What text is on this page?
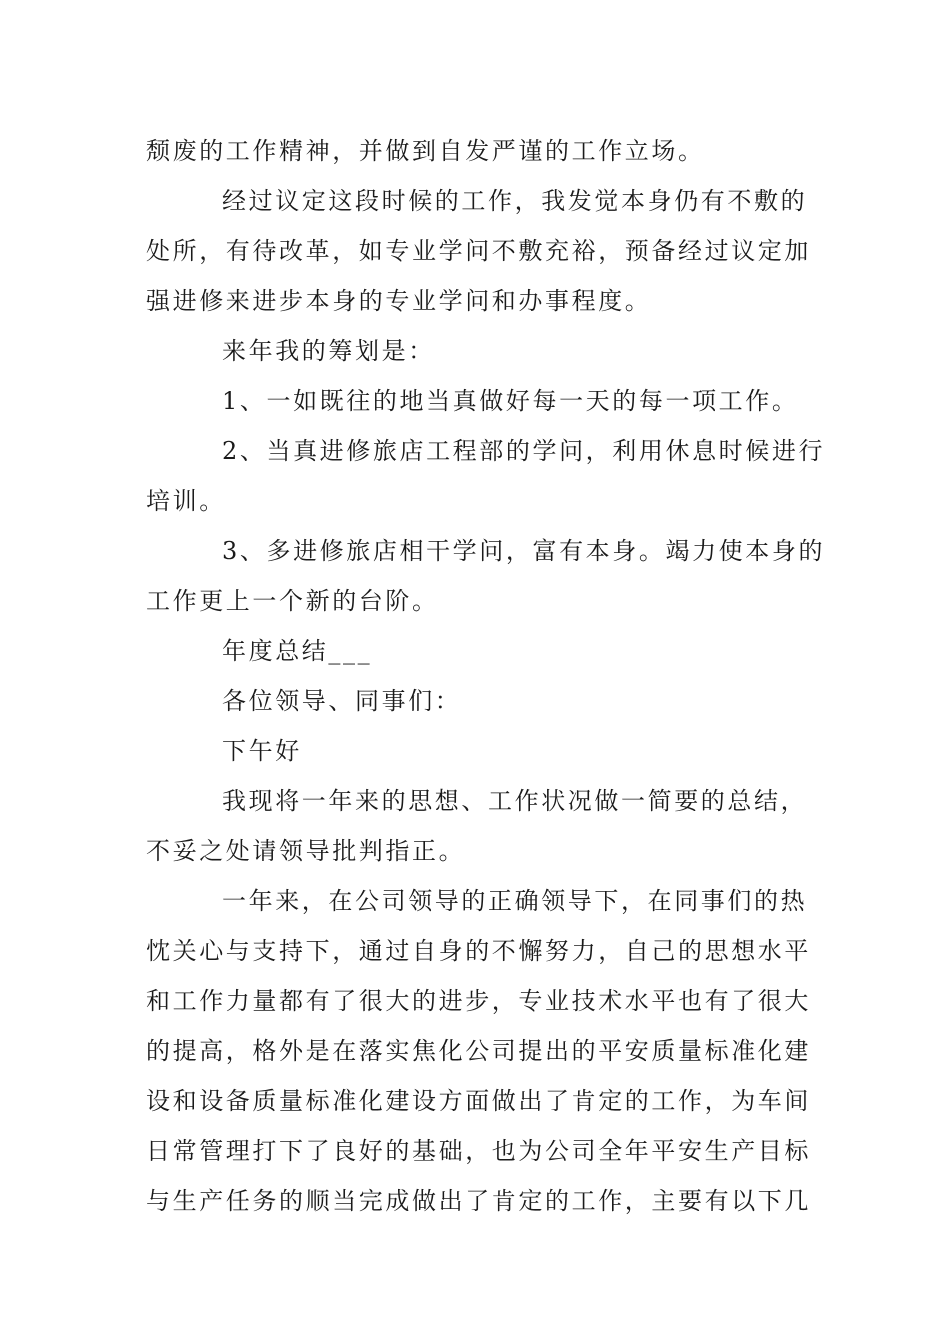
颓废的工作精神，并做到自发严谨的工作立场。
经过议定这段时候的工作，我发觉本身仍有不敷的
处所，有待改革，如专业学问不敷充裕，预备经过议定加
强进修来进步本身的专业学问和办事程度。
来年我的筹划是：
1、一如既往的地当真做好每一天的每一项工作。
2、当真进修旅店工程部的学问，利用休息时候进行
培训。
3、多进修旅店相干学问，富有本身。竭力使本身的
工作更上一个新的台阶。
年度总结___
各位领导、同事们：
下午好
我现将一年来的思想、工作状况做一简要的总结，
不妥之处请领导批判指正。
一年来，在公司领导的正确领导下，在同事们的热
忱关心与支持下，通过自身的不懈努力，自己的思想水平
和工作力量都有了很大的进步，专业技术水平也有了很大
的提高，格外是在落实焦化公司提出的平安质量标准化建
设和设备质量标准化建设方面做出了肯定的工作，为车间
日常管理打下了良好的基础，也为公司全年平安生产目标
与生产任务的顺当完成做出了肯定的工作，主要有以下几
